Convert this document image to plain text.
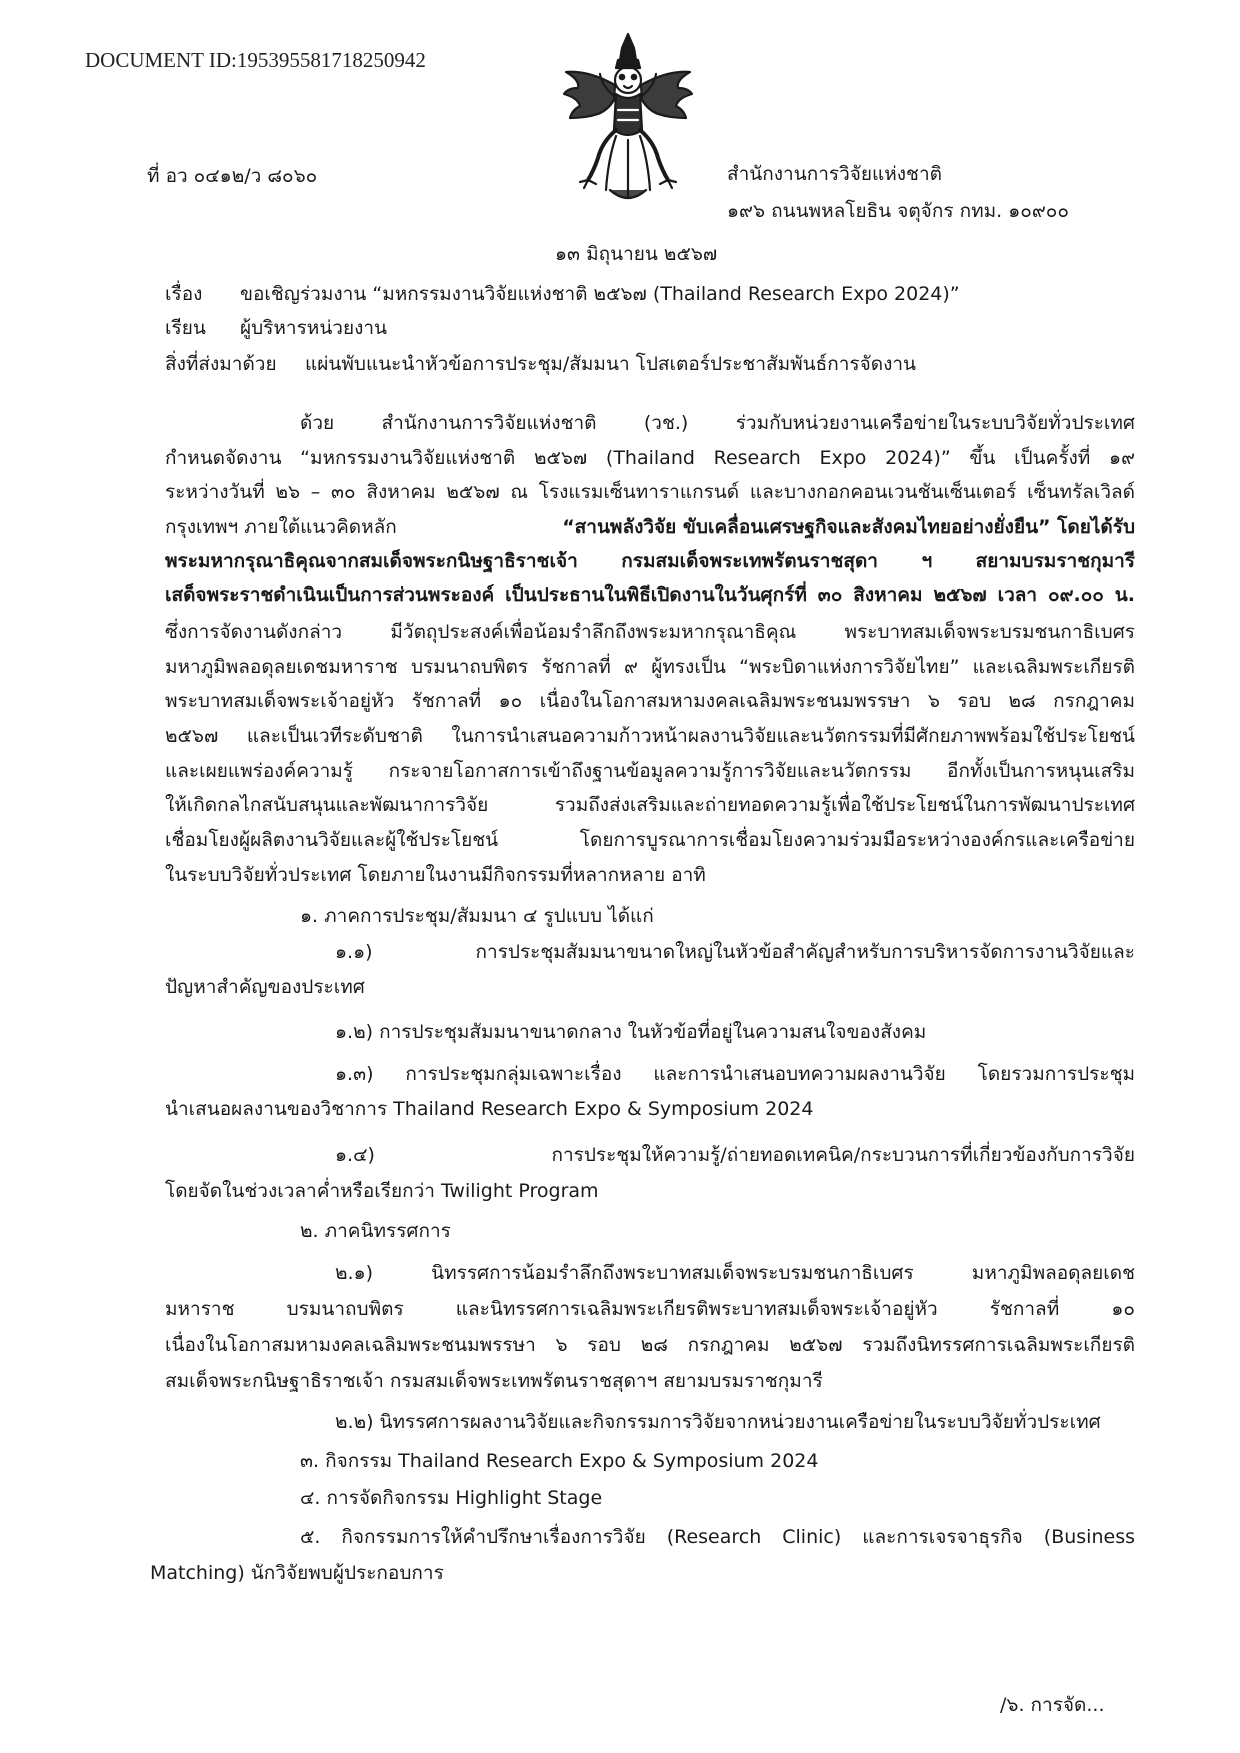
DOCUMENT ID:195395581718250942
ที่ อว ๐๔๑๒/ว ๘๐๖๐	สำนักงานการวิจัยแห่งชาติ
๑๙๖ ถนนพหลโยธิน จตุจักร กทม. ๑๐๙๐๐
๑๓ มิถุนายน ๒๕๖๗
เรื่อง ขอเชิญร่วมงาน “มหกรรมงานวิจัยแห่งชาติ ๒๕๖๗ (Thailand Research Expo 2024)”
เรียน ผู้บริหารหน่วยงาน
สิ่งที่ส่งมาด้วย แผ่นพับแนะนำหัวข้อการประชุม/สัมมนา โปสเตอร์ประชาสัมพันธ์การจัดงาน
ด้วย สำนักงานการวิจัยแห่งชาติ (วช.) ร่วมกับหน่วยงานเครือข่ายในระบบวิจัยทั่วประเทศ
กำหนดจัดงาน “มหกรรมงานวิจัยแห่งชาติ ๒๕๖๗ (Thailand Research Expo 2024)” ขึ้น เป็นครั้งที่ ๑๙
ระหว่างวันที่ ๒๖ – ๓๐ สิงหาคม ๒๕๖๗ ณ โรงแรมเซ็นทาราแกรนด์ และบางกอกคอนเวนชันเซ็นเตอร์ เซ็นทรัลเวิลด์
กรุงเทพฯ ภายใต้แนวคิดหลัก	“สานพลังวิจัย ขับเคลื่อนเศรษฐกิจและสังคมไทยอย่างยั่งยืน” โดยได้รับ
พระมหากรุณาธิคุณจากสมเด็จพระกนิษฐาธิราชเจ้า กรมสมเด็จพระเทพรัตนราชสุดา ฯ สยามบรมราชกุมารี
เสด็จพระราชดำเนินเป็นการส่วนพระองค์ เป็นประธานในพิธีเปิดงานในวันศุกร์ที่ ๓๐ สิงหาคม ๒๕๖๗ เวลา ๐๙.๐๐ น.
ซึ่งการจัดงานดังกล่าว มีวัตถุประสงค์เพื่อน้อมรำลึกถึงพระมหากรุณาธิคุณ พระบาทสมเด็จพระบรมชนกาธิเบศร
มหาภูมิพลอดุลยเดชมหาราช บรมนาถบพิตร รัชกาลที่ ๙ ผู้ทรงเป็น “พระบิดาแห่งการวิจัยไทย” และเฉลิมพระเกียรติ
พระบาทสมเด็จพระเจ้าอยู่หัว รัชกาลที่ ๑๐ เนื่องในโอกาสมหามงคลเฉลิมพระชนมพรรษา ๖ รอบ ๒๘ กรกฎาคม
๒๕๖๗ และเป็นเวทีระดับชาติ ในการนำเสนอความก้าวหน้าผลงานวิจัยและนวัตกรรมที่มีศักยภาพพร้อมใช้ประโยชน์
และเผยแพร่องค์ความรู้ กระจายโอกาสการเข้าถึงฐานข้อมูลความรู้การวิจัยและนวัตกรรม อีกทั้งเป็นการหนุนเสริม
ให้เกิดกลไกสนับสนุนและพัฒนาการวิจัย รวมถึงส่งเสริมและถ่ายทอดความรู้เพื่อใช้ประโยชน์ในการพัฒนาประเทศ
เชื่อมโยงผู้ผลิตงานวิจัยและผู้ใช้ประโยชน์ โดยการบูรณาการเชื่อมโยงความร่วมมือระหว่างองค์กรและเครือข่าย
ในระบบวิจัยทั่วประเทศ โดยภายในงานมีกิจกรรมที่หลากหลาย อาทิ
๑. ภาคการประชุม/สัมมนา ๔ รูปแบบ ได้แก่
๑.๑) การประชุมสัมมนาขนาดใหญ่ในหัวข้อสำคัญสำหรับการบริหารจัดการงานวิจัยและ
ปัญหาสำคัญของประเทศ
๑.๒) การประชุมสัมมนาขนาดกลาง ในหัวข้อที่อยู่ในความสนใจของสังคม
๑.๓) การประชุมกลุ่มเฉพาะเรื่อง และการนำเสนอบทความผลงานวิจัย โดยรวมการประชุม
นำเสนอผลงานของวิชาการ Thailand Research Expo & Symposium 2024
๑.๔) การประชุมให้ความรู้/ถ่ายทอดเทคนิค/กระบวนการที่เกี่ยวข้องกับการวิจัย
โดยจัดในช่วงเวลาค่ำหรือเรียกว่า Twilight Program
๒. ภาคนิทรรศการ
๒.๑) นิทรรศการน้อมรำลึกถึงพระบาทสมเด็จพระบรมชนกาธิเบศร มหาภูมิพลอดุลยเดช
มหาราช บรมนาถบพิตร และนิทรรศการเฉลิมพระเกียรติพระบาทสมเด็จพระเจ้าอยู่หัว รัชกาลที่ ๑๐
เนื่องในโอกาสมหามงคลเฉลิมพระชนมพรรษา ๖ รอบ ๒๘ กรกฎาคม ๒๕๖๗ รวมถึงนิทรรศการเฉลิมพระเกียรติ
สมเด็จพระกนิษฐาธิราชเจ้า กรมสมเด็จพระเทพรัตนราชสุดาฯ สยามบรมราชกุมารี
๒.๒) นิทรรศการผลงานวิจัยและกิจกรรมการวิจัยจากหน่วยงานเครือข่ายในระบบวิจัยทั่วประเทศ
๓. กิจกรรม Thailand Research Expo & Symposium 2024
๔. การจัดกิจกรรม Highlight Stage
๕. กิจกรรมการให้คำปรึกษาเรื่องการวิจัย (Research Clinic) และการเจรจาธุรกิจ (Business
Matching) นักวิจัยพบผู้ประกอบการ
/๖. การจัด...
